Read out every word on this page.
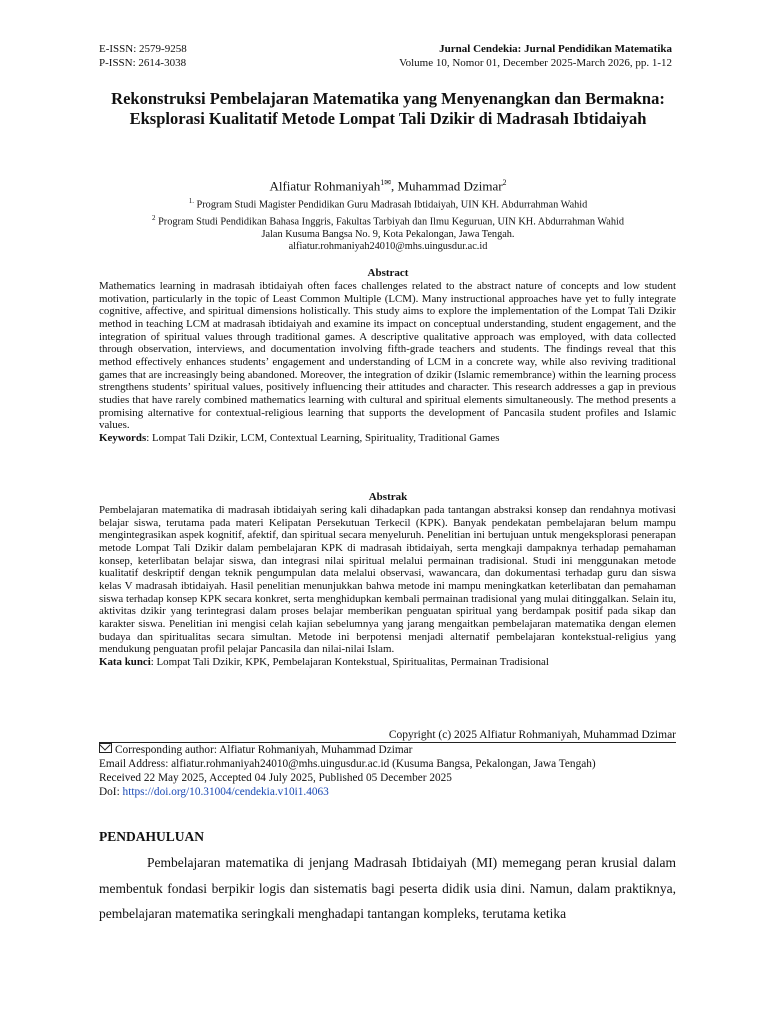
E-ISSN: 2579-9258
P-ISSN: 2614-3038
Jurnal Cendekia: Jurnal Pendidikan Matematika
Volume 10, Nomor 01, December 2025-March 2026, pp. 1-12
Rekonstruksi Pembelajaran Matematika yang Menyenangkan dan Bermakna: Eksplorasi Kualitatif Metode Lompat Tali Dzikir di Madrasah Ibtidaiyah
Alfiatur Rohmaniyah$^{1✉}$, Muhammad Dzimar$^2$
$^{1.}$ Program Studi Magister Pendidikan Guru Madrasah Ibtidaiyah, UIN KH. Abdurrahman Wahid
$^2$ Program Studi Pendidikan Bahasa Inggris, Fakultas Tarbiyah dan Ilmu Keguruan, UIN KH. Abdurrahman Wahid
Jalan Kusuma Bangsa No. 9, Kota Pekalongan, Jawa Tengah.
alfiatur.rohmaniyah24010@mhs.uingusdur.ac.id
Abstract
Mathematics learning in madrasah ibtidaiyah often faces challenges related to the abstract nature of concepts and low student motivation, particularly in the topic of Least Common Multiple (LCM). Many instructional approaches have yet to fully integrate cognitive, affective, and spiritual dimensions holistically. This study aims to explore the implementation of the Lompat Tali Dzikir method in teaching LCM at madrasah ibtidaiyah and examine its impact on conceptual understanding, student engagement, and the integration of spiritual values through traditional games. A descriptive qualitative approach was employed, with data collected through observation, interviews, and documentation involving fifth-grade teachers and students. The findings reveal that this method effectively enhances students’ engagement and understanding of LCM in a concrete way, while also reviving traditional games that are increasingly being abandoned. Moreover, the integration of dzikir (Islamic remembrance) within the learning process strengthens students’ spiritual values, positively influencing their attitudes and character. This research addresses a gap in previous studies that have rarely combined mathematics learning with cultural and spiritual elements simultaneously. The method presents a promising alternative for contextual-religious learning that supports the development of Pancasila student profiles and Islamic values.
Keywords: Lompat Tali Dzikir, LCM, Contextual Learning, Spirituality, Traditional Games
Abstrak
Pembelajaran matematika di madrasah ibtidaiyah sering kali dihadapkan pada tantangan abstraksi konsep dan rendahnya motivasi belajar siswa, terutama pada materi Kelipatan Persekutuan Terkecil (KPK). Banyak pendekatan pembelajaran belum mampu mengintegrasikan aspek kognitif, afektif, dan spiritual secara menyeluruh. Penelitian ini bertujuan untuk mengeksplorasi penerapan metode Lompat Tali Dzikir dalam pembelajaran KPK di madrasah ibtidaiyah, serta mengkaji dampaknya terhadap pemahaman konsep, keterlibatan belajar siswa, dan integrasi nilai spiritual melalui permainan tradisional. Studi ini menggunakan metode kualitatif deskriptif dengan teknik pengumpulan data melalui observasi, wawancara, dan dokumentasi terhadap guru dan siswa kelas V madrasah ibtidaiyah. Hasil penelitian menunjukkan bahwa metode ini mampu meningkatkan keterlibatan dan pemahaman siswa terhadap konsep KPK secara konkret, serta menghidupkan kembali permainan tradisional yang mulai ditinggalkan. Selain itu, aktivitas dzikir yang terintegrasi dalam proses belajar memberikan penguatan spiritual yang berdampak positif pada sikap dan karakter siswa. Penelitian ini mengisi celah kajian sebelumnya yang jarang mengaitkan pembelajaran matematika dengan elemen budaya dan spiritualitas secara simultan. Metode ini berpotensi menjadi alternatif pembelajaran kontekstual-religius yang mendukung penguatan profil pelajar Pancasila dan nilai-nilai Islam.
Kata kunci: Lompat Tali Dzikir, KPK, Pembelajaran Kontekstual, Spiritualitas, Permainan Tradisional
Copyright (c) 2025 Alfiatur Rohmaniyah, Muhammad Dzimar
Corresponding author: Alfiatur Rohmaniyah, Muhammad Dzimar
Email Address: alfiatur.rohmaniyah24010@mhs.uingusdur.ac.id (Kusuma Bangsa, Pekalongan, Jawa Tengah)
Received 22 May 2025, Accepted 04 July 2025, Published 05 December 2025
DoI: https://doi.org/10.31004/cendekia.v10i1.4063
PENDAHULUAN
Pembelajaran matematika di jenjang Madrasah Ibtidaiyah (MI) memegang peran krusial dalam membentuk fondasi berpikir logis dan sistematis bagi peserta didik usia dini. Namun, dalam praktiknya, pembelajaran matematika seringkali menghadapi tantangan kompleks, terutama ketika
